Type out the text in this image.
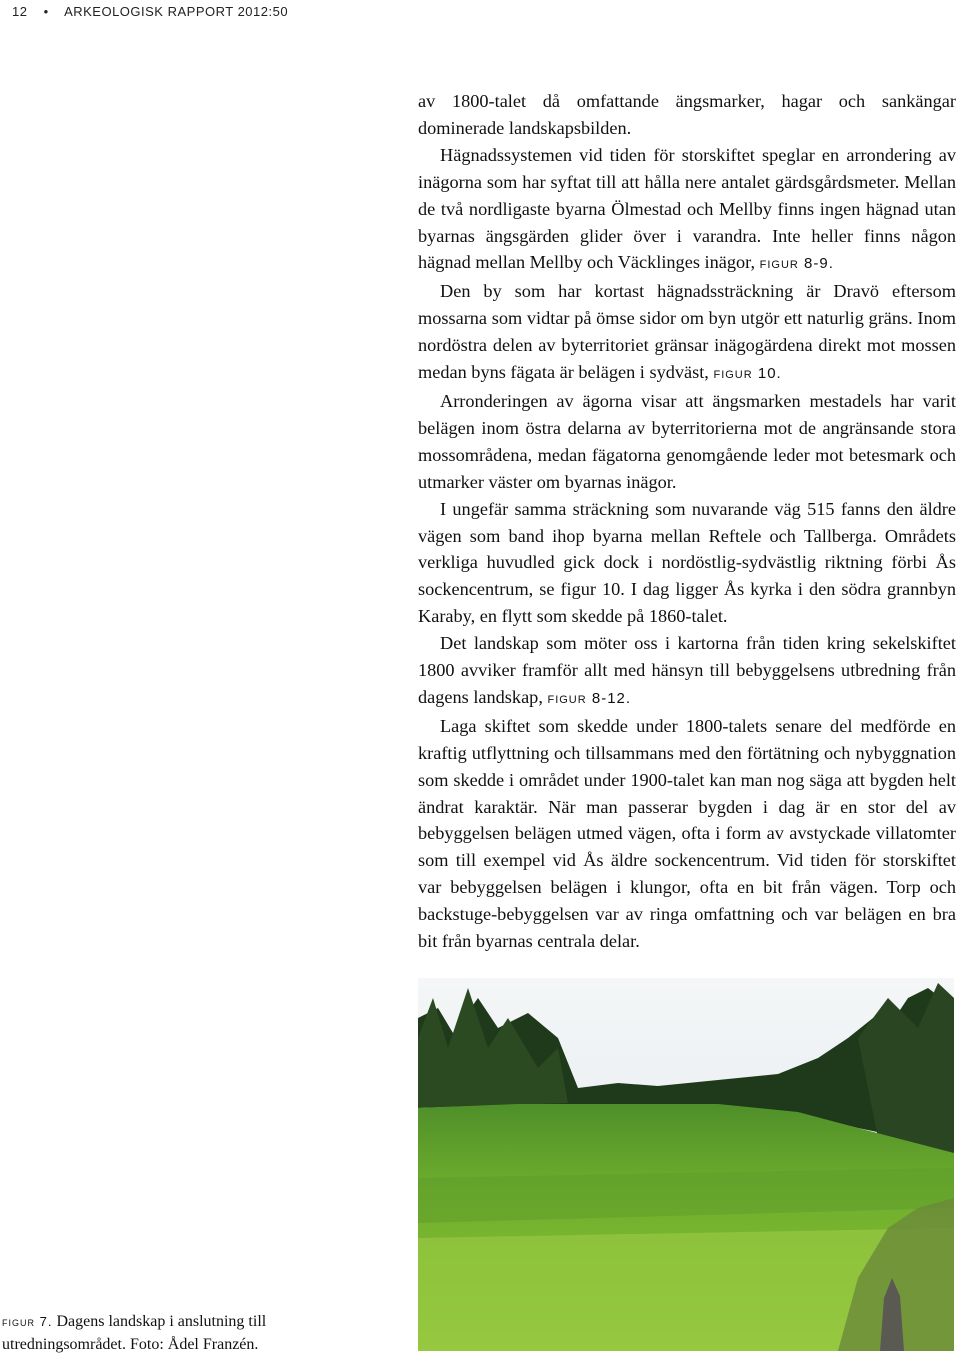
12 • ARKEOLOGISK RAPPORT 2012:50

av 1800-talet då omfattande ängsmarker, hagar och sankängar dominerade landskapsbilden.

Hägnadssystemen vid tiden för storskiftet speglar en arrondering av inägorna som har syftat till att hålla nere antalet gärdsgårdsmeter. Mellan de två nordligaste byarna Ölmestad och Mellby finns ingen hägnad utan byarnas ängsgärden glider över i varandra. Inte heller finns någon hägnad mellan Mellby och Väcklinges inägor, figur 8-9.

Den by som har kortast hägnadssträckning är Dravö eftersom mossarna som vidtar på ömse sidor om byn utgör ett naturlig gräns. Inom nordöstra delen av byterritoriet gränsar inägogärdena direkt mot mossen medan byns fägata är belägen i sydväst, figur 10.

Arronderingen av ägorna visar att ängsmarken mestadels har varit belägen inom östra delarna av byterritorierna mot de angränsande stora mossområdena, medan fägatorna genomgående leder mot betesmark och utmarker väster om byarnas inägor.

I ungefär samma sträckning som nuvarande väg 515 fanns den äldre vägen som band ihop byarna mellan Reftele och Tallberga. Områdets verkliga huvudled gick dock i nordöstlig-sydvästlig riktning förbi Ås sockencentrum, se figur 10. I dag ligger Ås kyrka i den södra grannbyn Karaby, en flytt som skedde på 1860-talet.

Det landskap som möter oss i kartorna från tiden kring sekelskiftet 1800 avviker framför allt med hänsyn till bebyggelsens utbredning från dagens landskap, figur 8-12.

Laga skiftet som skedde under 1800-talets senare del medförde en kraftig utflyttning och tillsammans med den förtätning och nybyggnation som skedde i området under 1900-talet kan man nog säga att bygden helt ändrat karaktär. När man passerar bygden i dag är en stor del av bebyggelsen belägen utmed vägen, ofta i form av avstyckade villatomter som till exempel vid Ås äldre sockencentrum. Vid tiden för storskiftet var bebyggelsen belägen i klungor, ofta en bit från vägen. Torp och backstuge-bebyggelsen var av ringa omfattning och var belägen en bra bit från byarnas centrala delar.

figur 7. Dagens landskap i anslutning till utredningsområdet. Foto: Ådel Franzén.
